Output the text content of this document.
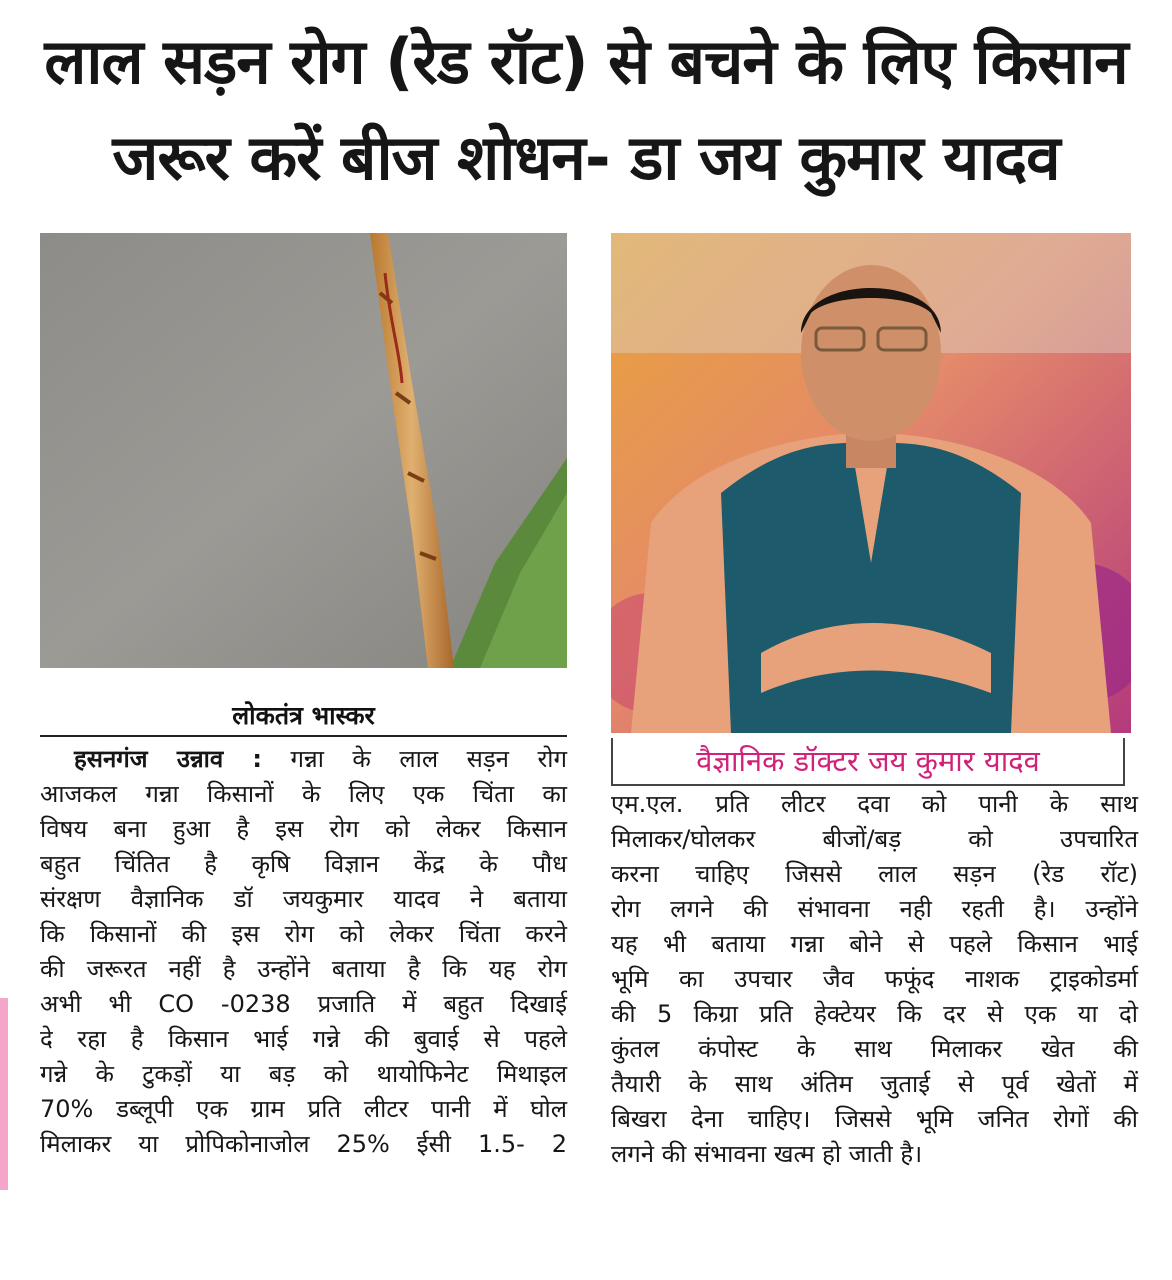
लाल सड़न रोग (रेड रॉट) से बचने के लिए किसान
जरूर करें बीज शोधन- डा जय कुमार यादव
लोकतंत्र भास्कर
वैज्ञानिक डॉक्टर जय कुमार यादव

हसनगंज उन्नाव : गन्ना के लाल सड़न रोग

आजकल गन्ना किसानों के लिए एक चिंता का

विषय बना हुआ है इस रोग को लेकर किसान

बहुत चिंतित है कृषि विज्ञान केंद्र के पौध

संरक्षण वैज्ञानिक डॉ जयकुमार यादव ने बताया

कि किसानों की इस रोग को लेकर चिंता करने

की जरूरत नहीं है उन्होंने बताया है कि यह रोग

अभी भी CO -0238 प्रजाति में बहुत दिखाई

दे रहा है किसान भाई गन्ने की बुवाई से पहले

गन्ने के टुकड़ों या बड़ को थायोफिनेट मिथाइल

70% डब्लूपी एक ग्राम प्रति लीटर पानी में घोल

मिलाकर या प्रोपिकोनाजोल 25% ईसी 1.5- 2

एम.एल. प्रति लीटर दवा को पानी के साथ

मिलाकर/घोलकर बीजों/बड़ को उपचारित

करना चाहिए जिससे लाल सड़न (रेड रॉट)

रोग लगने की संभावना नही रहती है। उन्होंने

यह भी बताया गन्ना बोने से पहले किसान भाई

भूमि का उपचार जैव फफूंद नाशक ट्राइकोडर्मा

की 5 किग्रा प्रति हेक्टेयर कि दर से एक या दो

कुंतल कंपोस्ट के साथ मिलाकर खेत की

तैयारी के साथ अंतिम जुताई से पूर्व खेतों में

बिखरा देना चाहिए। जिससे भूमि जनित रोगों की

लगने की संभावना खत्म हो जाती है।
